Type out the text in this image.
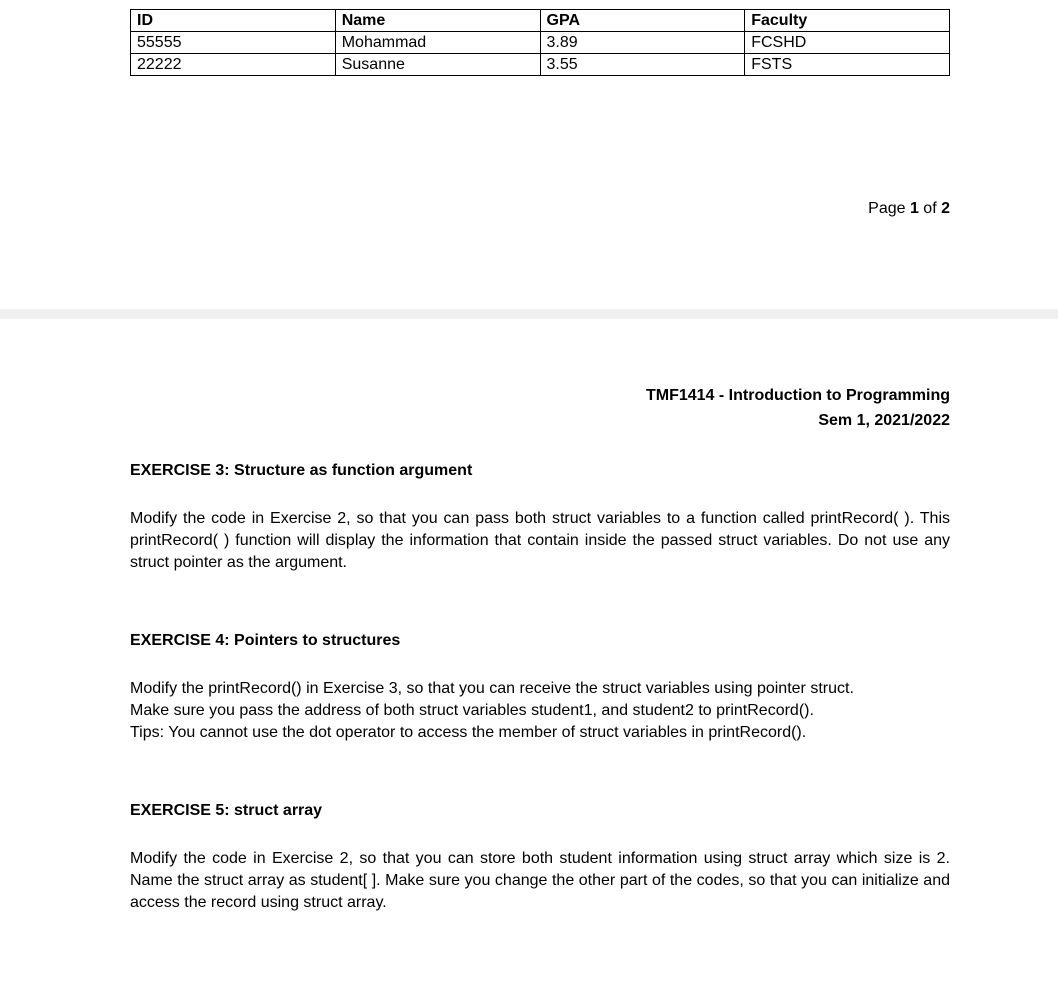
ID	Name	GPA	Faculty
55555	Mohammad	3.89	FCSHD
22222	Susanne	3.55	FSTS
Page 1 of 2
TMF1414 - Introduction to Programming
Sem 1, 2021/2022
EXERCISE 3: Structure as function argument

Modify the code in Exercise 2, so that you can pass both struct variables to a function called printRecord( ). This printRecord( ) function will display the information that contain inside the passed struct variables. Do not use any struct pointer as the argument.

EXERCISE 4: Pointers to structures
Modify the printRecord() in Exercise 3, so that you can receive the struct variables using pointer struct.
Make sure you pass the address of both struct variables student1, and student2 to printRecord().
Tips: You cannot use the dot operator to access the member of struct variables in printRecord().
EXERCISE 5: struct array

Modify the code in Exercise 2, so that you can store both student information using struct array which size is 2. Name the struct array as student[ ]. Make sure you change the other part of the codes, so that you can initialize and access the record using struct array.
